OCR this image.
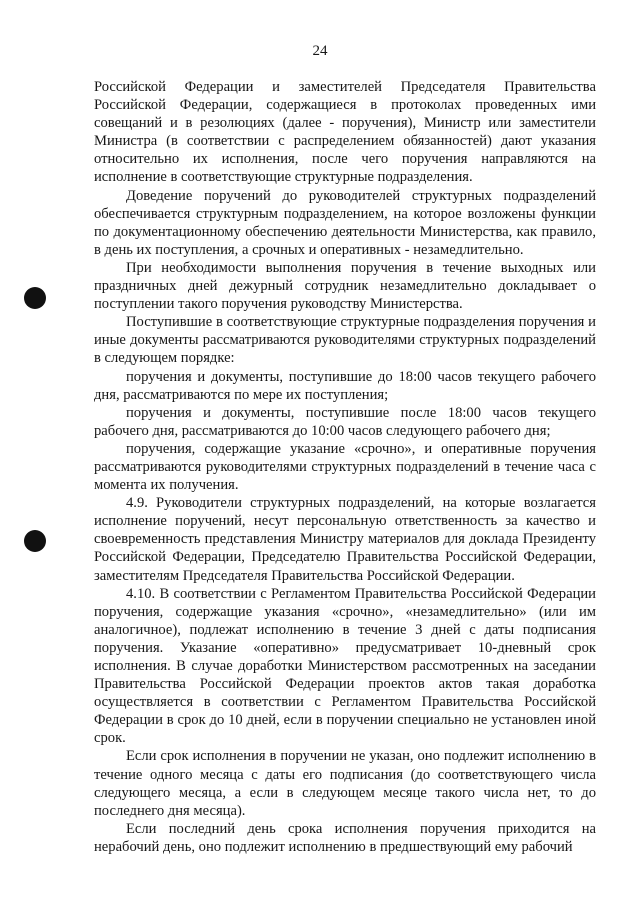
24

Российской Федерации и заместителей Председателя Правительства Российской Федерации, содержащиеся в протоколах проведенных ими совещаний и в резолюциях (далее - поручения), Министр или заместители Министра (в соответствии с распределением обязанностей) дают указания относительно их исполнения, после чего поручения направляются на исполнение в соответствующие структурные подразделения.

Доведение поручений до руководителей структурных подразделений обеспечивается структурным подразделением, на которое возложены функции по документационному обеспечению деятельности Министерства, как правило, в день их поступления, а срочных и оперативных - незамедлительно.

При необходимости выполнения поручения в течение выходных или праздничных дней дежурный сотрудник незамедлительно докладывает о поступлении такого поручения руководству Министерства.

Поступившие в соответствующие структурные подразделения поручения и иные документы рассматриваются руководителями структурных подразделений в следующем порядке:

поручения и документы, поступившие до 18:00 часов текущего рабочего дня, рассматриваются по мере их поступления;

поручения и документы, поступившие после 18:00 часов текущего рабочего дня, рассматриваются до 10:00 часов следующего рабочего дня;

поручения, содержащие указание «срочно», и оперативные поручения рассматриваются руководителями структурных подразделений в течение часа с момента их получения.

4.9. Руководители структурных подразделений, на которые возлагается исполнение поручений, несут персональную ответственность за качество и своевременность представления Министру материалов для доклада Президенту Российской Федерации, Председателю Правительства Российской Федерации, заместителям Председателя Правительства Российской Федерации.

4.10. В соответствии с Регламентом Правительства Российской Федерации поручения, содержащие указания «срочно», «незамедлительно» (или им аналогичное), подлежат исполнению в течение 3 дней с даты подписания поручения. Указание «оперативно» предусматривает 10-дневный срок исполнения. В случае доработки Министерством рассмотренных на заседании Правительства Российской Федерации проектов актов такая доработка осуществляется в соответствии с Регламентом Правительства Российской Федерации в срок до 10 дней, если в поручении специально не установлен иной срок.

Если срок исполнения в поручении не указан, оно подлежит исполнению в течение одного месяца с даты его подписания (до соответствующего числа следующего месяца, а если в следующем месяце такого числа нет, то до последнего дня месяца).

Если последний день срока исполнения поручения приходится на нерабочий день, оно подлежит исполнению в предшествующий ему рабочий
